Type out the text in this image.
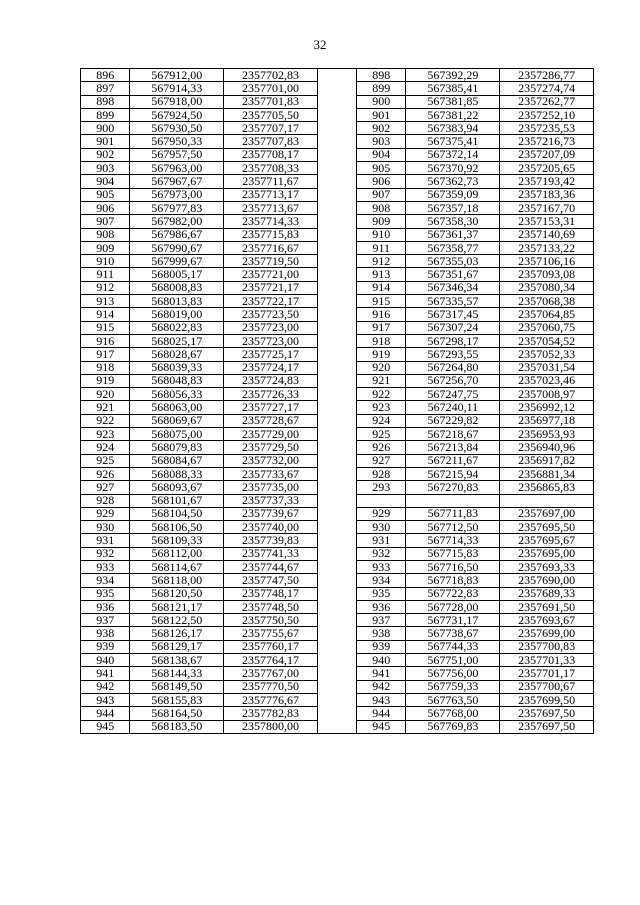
32
896	567912,00	2357702,83		898	567392,29	2357286,77
897	567914,33	2357701,00		899	567385,41	2357274,74
898	567918,00	2357701,83		900	567381,85	2357262,77
899	567924,50	2357705,50		901	567381,22	2357252,10
900	567930,50	2357707,17		902	567383,94	2357235,53
901	567950,33	2357707,83		903	567375,41	2357216,73
902	567957,50	2357708,17		904	567372,14	2357207,09
903	567963,00	2357708,33		905	567370,92	2357205,65
904	567967,67	2357711,67		906	567362,73	2357193,42
905	567973,00	2357713,17		907	567359,09	2357183,36
906	567977,83	2357713,67		908	567357,18	2357167,70
907	567982,00	2357714,33		909	567358,30	2357153,31
908	567986,67	2357715,83		910	567361,37	2357140,69
909	567990,67	2357716,67		911	567358,77	2357133,22
910	567999,67	2357719,50		912	567355,03	2357106,16
911	568005,17	2357721,00		913	567351,67	2357093,08
912	568008,83	2357721,17		914	567346,34	2357080,34
913	568013,83	2357722,17		915	567335,57	2357068,38
914	568019,00	2357723,50		916	567317,45	2357064,85
915	568022,83	2357723,00		917	567307,24	2357060,75
916	568025,17	2357723,00		918	567298,17	2357054,52
917	568028,67	2357725,17		919	567293,55	2357052,33
918	568039,33	2357724,17		920	567264,80	2357031,54
919	568048,83	2357724,83		921	567256,70	2357023,46
920	568056,33	2357726,33		922	567247,75	2357008,97
921	568063,00	2357727,17		923	567240,11	2356992,12
922	568069,67	2357728,67		924	567229,82	2356977,18
923	568075,00	2357729,00		925	567218,67	2356953,93
924	568079,83	2357729,50		926	567213,84	2356940,96
925	568084,67	2357732,00		927	567211,67	2356917,82
926	568088,33	2357733,67		928	567215,94	2356881,34
927	568093,67	2357735,00		293	567270,83	2356865,83
928	568101,67	2357737,33				
929	568104,50	2357739,67		929	567711,83	2357697,00
930	568106,50	2357740,00		930	567712,50	2357695,50
931	568109,33	2357739,83		931	567714,33	2357695,67
932	568112,00	2357741,33		932	567715,83	2357695,00
933	568114,67	2357744,67		933	567716,50	2357693,33
934	568118,00	2357747,50		934	567718,83	2357690,00
935	568120,50	2357748,17		935	567722,83	2357689,33
936	568121,17	2357748,50		936	567728,00	2357691,50
937	568122,50	2357750,50		937	567731,17	2357693,67
938	568126,17	2357755,67		938	567738,67	2357699,00
939	568129,17	2357760,17		939	567744,33	2357700,83
940	568138,67	2357764,17		940	567751,00	2357701,33
941	568144,33	2357767,00		941	567756,00	2357701,17
942	568149,50	2357770,50		942	567759,33	2357700,67
943	568155,83	2357776,67		943	567763,50	2357699,50
944	568164,50	2357782,83		944	567768,00	2357697,50
945	568183,50	2357800,00		945	567769,83	2357697,50
